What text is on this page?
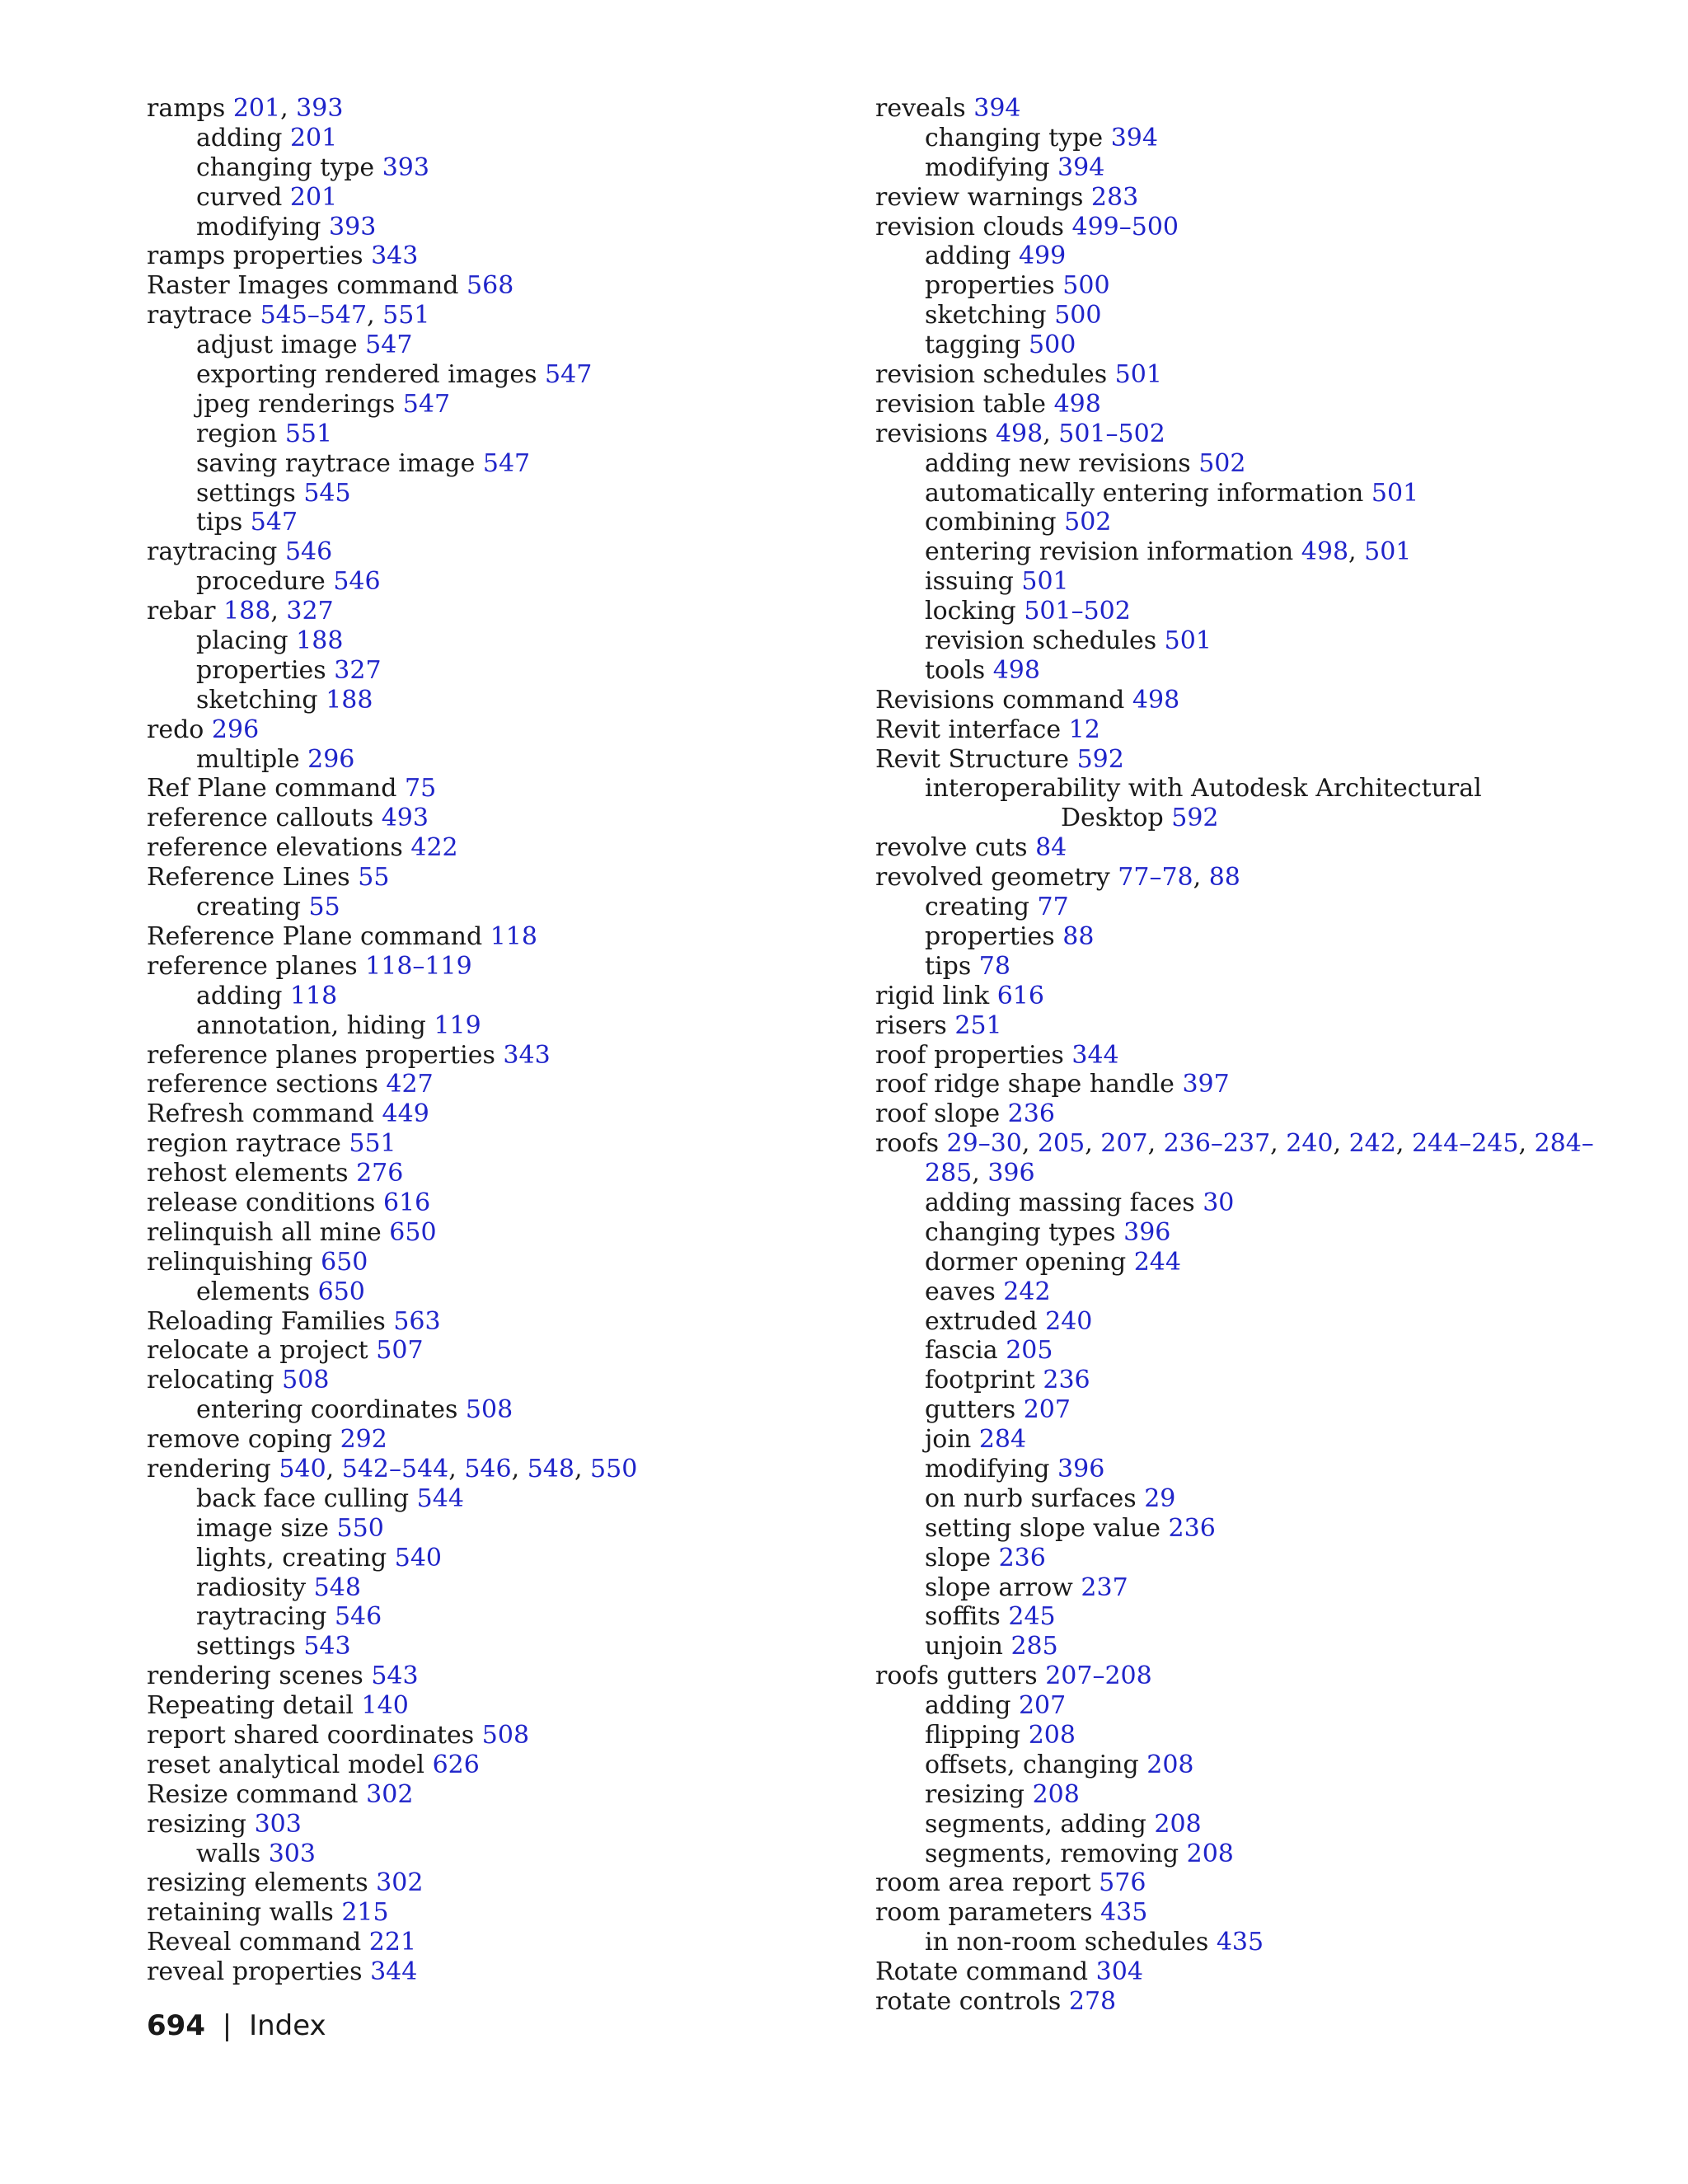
ramps 201, 393
adding 201
changing type 393
curved 201
modifying 393
ramps properties 343
Raster Images command 568
raytrace 545–547, 551
adjust image 547
exporting rendered images 547
jpeg renderings 547
region 551
saving raytrace image 547
settings 545
tips 547
raytracing 546
procedure 546
rebar 188, 327
placing 188
properties 327
sketching 188
redo 296
multiple 296
Ref Plane command 75
reference callouts 493
reference elevations 422
Reference Lines 55
creating 55
Reference Plane command 118
reference planes 118–119
adding 118
annotation, hiding 119
reference planes properties 343
reference sections 427
Refresh command 449
region raytrace 551
rehost elements 276
release conditions 616
relinquish all mine 650
relinquishing 650
elements 650
Reloading Families 563
relocate a project 507
relocating 508
entering coordinates 508
remove coping 292
rendering 540, 542–544, 546, 548, 550
back face culling 544
image size 550
lights, creating 540
radiosity 548
raytracing 546
settings 543
rendering scenes 543
Repeating detail 140
report shared coordinates 508
reset analytical model 626
Resize command 302
resizing 303
walls 303
resizing elements 302
retaining walls 215
Reveal command 221
reveal properties 344
reveals 394
changing type 394
modifying 394
review warnings 283
revision clouds 499–500
adding 499
properties 500
sketching 500
tagging 500
revision schedules 501
revision table 498
revisions 498, 501–502
adding new revisions 502
automatically entering information 501
combining 502
entering revision information 498, 501
issuing 501
locking 501–502
revision schedules 501
tools 498
Revisions command 498
Revit interface 12
Revit Structure 592
interoperability with Autodesk Architectural
Desktop 592
revolve cuts 84
revolved geometry 77–78, 88
creating 77
properties 88
tips 78
rigid link 616
risers 251
roof properties 344
roof ridge shape handle 397
roof slope 236
roofs 29–30, 205, 207, 236–237, 240, 242, 244–245, 284–
285, 396
adding massing faces 30
changing types 396
dormer opening 244
eaves 242
extruded 240
fascia 205
footprint 236
gutters 207
join 284
modifying 396
on nurb surfaces 29
setting slope value 236
slope 236
slope arrow 237
soffits 245
unjoin 285
roofs gutters 207–208
adding 207
flipping 208
offsets, changing 208
resizing 208
segments, adding 208
segments, removing 208
room area report 576
room parameters 435
in non-room schedules 435
Rotate command 304
rotate controls 278
694 | Index
